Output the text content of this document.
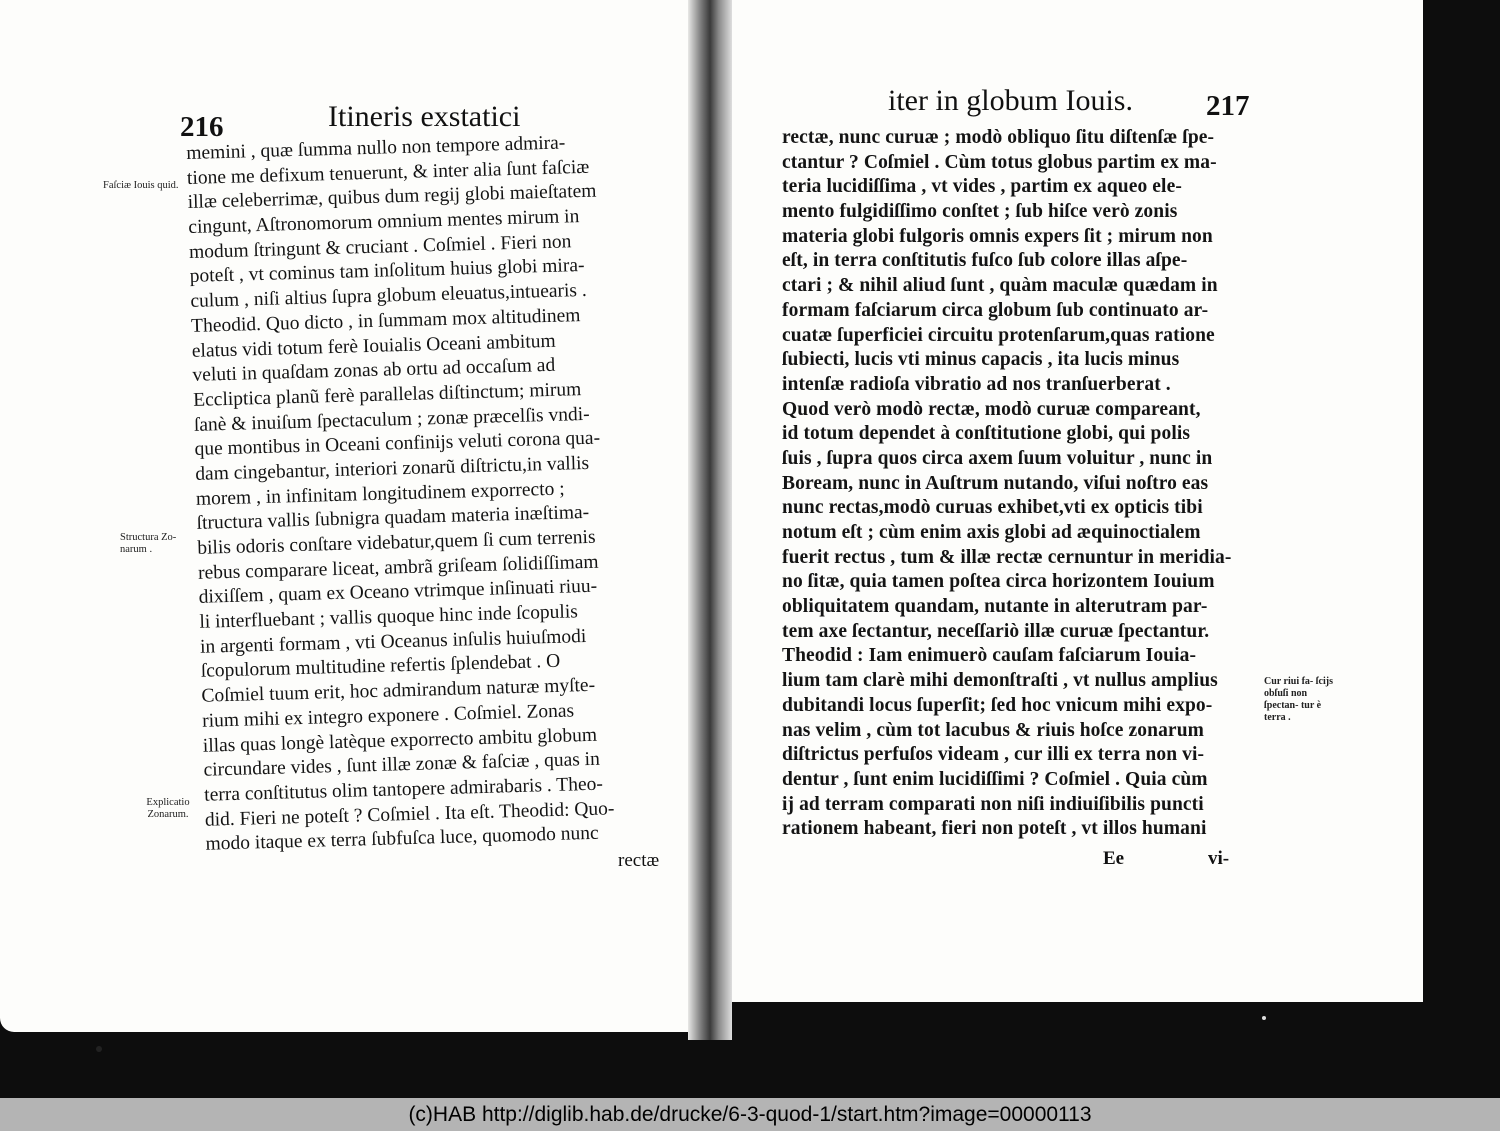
216	Itineris exstatici
memini , quæ ſumma nullo non tempore admira-
tione me defixum tenuerunt, & inter alia ſunt faſciæ
illæ celeberrimæ, quibus dum regij globi maieſtatem
cingunt, Aſtronomorum omnium mentes mirum in
modum ſtringunt & cruciant . Coſmiel . Fieri non
poteſt , vt cominus tam inſolitum huius globi mira-
culum , niſi altius ſupra globum eleuatus,intuearis .
Theodid. Quo dicto , in ſummam mox altitudinem
elatus vidi totum ferè Iouialis Oceani ambitum
veluti in quaſdam zonas ab ortu ad occaſum ad
Eccliptica planũ ferè parallelas diſtinctum; mirum
ſanè & inuiſum ſpectaculum ; zonæ præcelſis vndi-
que montibus in Oceani confinijs veluti corona qua-
dam cingebantur, interiori zonarũ diſtrictu,in vallis
morem , in infinitam longitudinem exporrecto ;
ſtructura vallis ſubnigra quadam materia inæſtima-
bilis odoris conſtare videbatur,quem ſi cum terrenis
rebus comparare liceat, ambrã griſeam ſolidiſſimam
dixiſſem , quam ex Oceano vtrimque inſinuati riuu-
li interfluebant ; vallis quoque hinc inde ſcopulis
in argenti formam , vti Oceanus inſulis huiuſmodi
ſcopulorum multitudine refertis ſplendebat . O
Coſmiel tuum erit, hoc admirandum naturæ myſte-
rium mihi ex integro exponere . Coſmiel. Zonas
illas quas longè latèque exporrecto ambitu globum
circundare vides , ſunt illæ zonæ & faſciæ , quas in
terra conſtitutus olim tantopere admirabaris . Theo-
did. Fieri ne poteſt ? Coſmiel . Ita eſt. Theodid: Quo-
modo itaque ex terra ſubfuſca luce, quomodo nunc
rectæ
Faſciæ Iouis quid.
Structura Zo- narum .
Explicatio Zonarum.
iter in globum Iouis.	217
rectæ, nunc curuæ ; modò obliquo ſitu diſtenſæ ſpe-
ctantur ? Coſmiel . Cùm totus globus partim ex ma-
teria lucidiſſima , vt vides , partim ex aqueo ele-
mento fulgidiſſimo conſtet ; ſub hiſce verò zonis
materia globi fulgoris omnis expers ſit ; mirum non
eſt, in terra conſtitutis fuſco ſub colore illas aſpe-
ctari ; & nihil aliud ſunt , quàm maculæ quædam in
formam faſciarum circa globum ſub continuato ar-
cuatæ ſuperficiei circuitu protenſarum,quas ratione
ſubiecti, lucis vti minus capacis , ita lucis minus
intenſæ radioſa vibratio ad nos tranſuerberat .
Quod verò modò rectæ, modò curuæ compareant,
id totum dependet à conſtitutione globi, qui polis
ſuis , ſupra quos circa axem ſuum voluitur , nunc in
Boream, nunc in Auſtrum nutando, viſui noſtro eas
nunc rectas,modò curuas exhibet,vti ex opticis tibi
notum eſt ; cùm enim axis globi ad æquinoctialem
fuerit rectus , tum & illæ rectæ cernuntur in meridia-
no ſitæ, quia tamen poſtea circa horizontem Iouium
obliquitatem quandam, nutante in alterutram par-
tem axe ſectantur, neceſſariò illæ curuæ ſpectantur.
Theodid : Iam enimuerò cauſam faſciarum Iouia-
lium tam clarè mihi demonſtraſti , vt nullus amplius
dubitandi locus ſuperſit; ſed hoc vnicum mihi expo-
nas velim , cùm tot lacubus & riuis hoſce zonarum
diſtrictus perfuſos videam , cur illi ex terra non vi-
dentur , ſunt enim lucidiſſimi ? Coſmiel . Quia cùm
ij ad terram comparati non niſi indiuiſibilis puncti
rationem habeant, fieri non poteſt , vt illos humani
Ee	vi-
Cur riui fa- ſcijs obſuſi non ſpectan- tur è terra .
(c)HAB http://diglib.hab.de/drucke/6-3-quod-1/start.htm?image=00000113
